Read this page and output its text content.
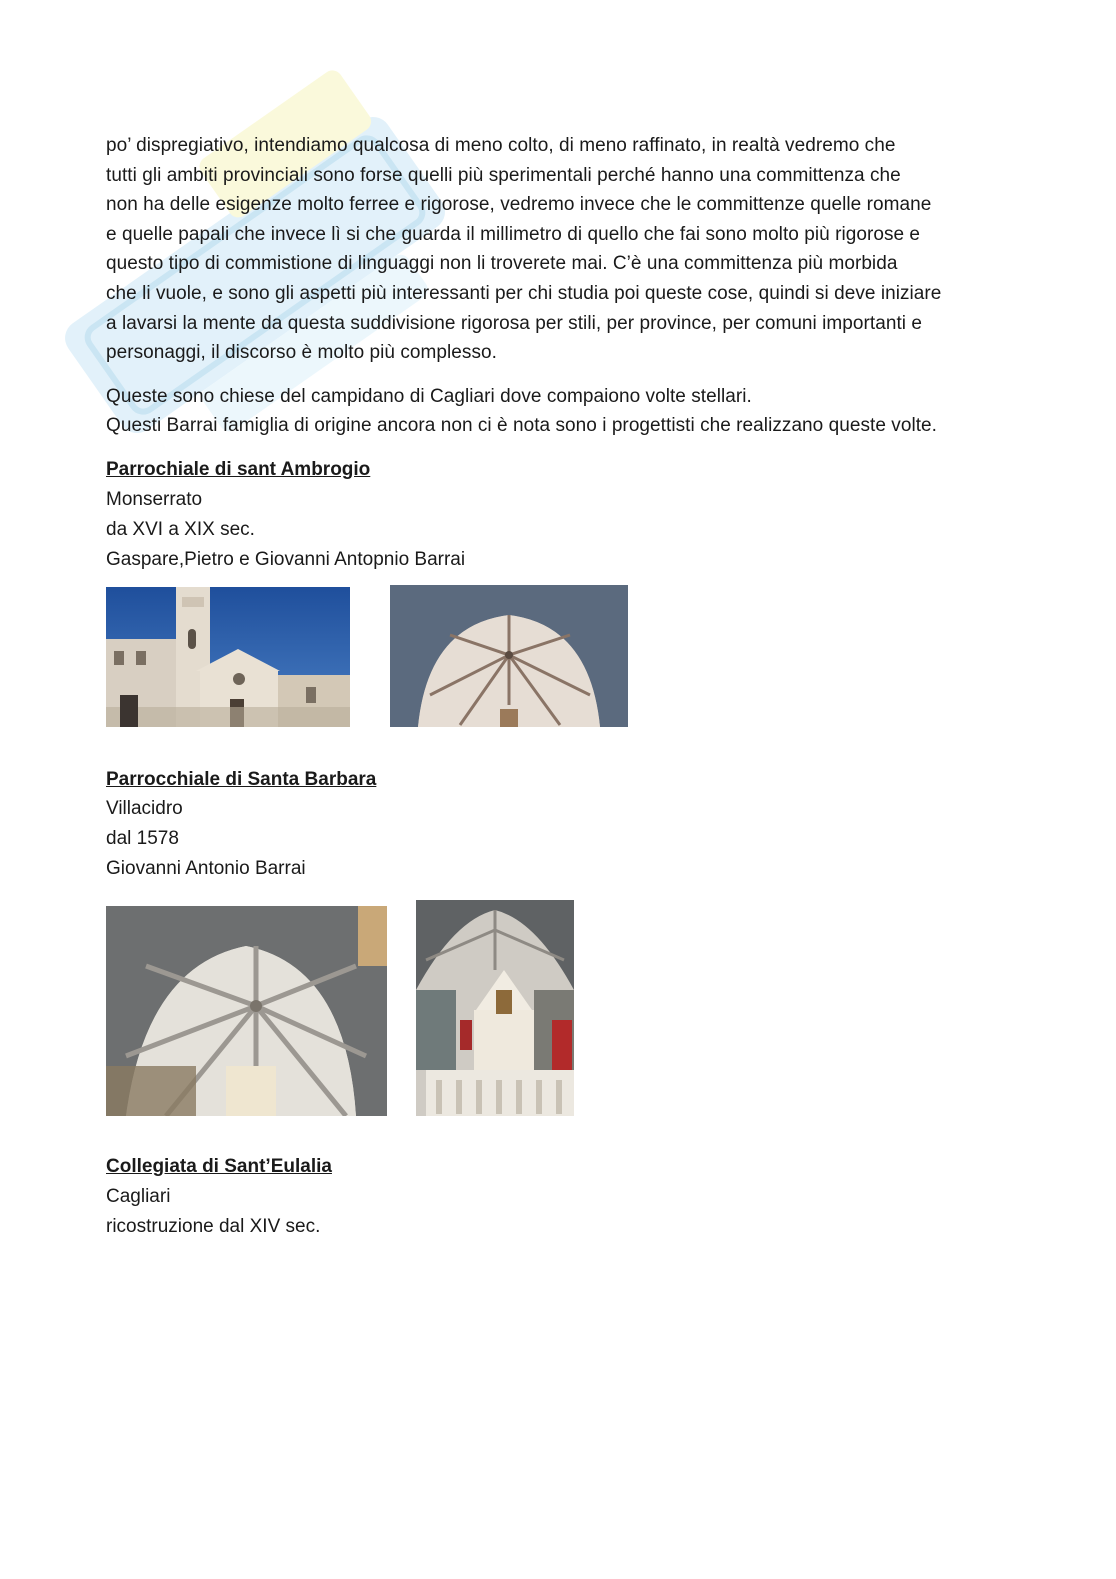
po’ dispregiativo, intendiamo qualcosa di meno colto, di meno raffinato, in realtà vedremo che
tutti gli ambiti provinciali sono forse quelli più sperimentali perché hanno una committenza che
non ha delle esigenze molto ferree e rigorose, vedremo invece che le committenze quelle romane
e quelle papali che invece lì si che guarda il millimetro di quello che fai sono molto più rigorose e
questo tipo di commistione di linguaggi non li troverete mai. C’è una committenza più morbida
che li vuole, e sono gli aspetti più interessanti per chi studia poi queste cose, quindi si deve iniziare
a lavarsi la mente da questa suddivisione rigorosa per stili, per province, per comuni importanti e
personaggi, il discorso è molto più complesso.

Queste sono chiese del campidano di Cagliari dove compaiono volte stellari.
Questi Barrai famiglia di origine ancora non ci è nota sono i progettisti che realizzano queste volte.

Parrochiale di sant Ambrogio
Monserrato
da XVI a XIX sec.
Gaspare,Pietro e Giovanni Antopnio Barrai
Parrocchiale di Santa Barbara
Villacidro
dal 1578
Giovanni Antonio Barrai
Collegiata di Sant’Eulalia
Cagliari
ricostruzione dal XIV sec.
